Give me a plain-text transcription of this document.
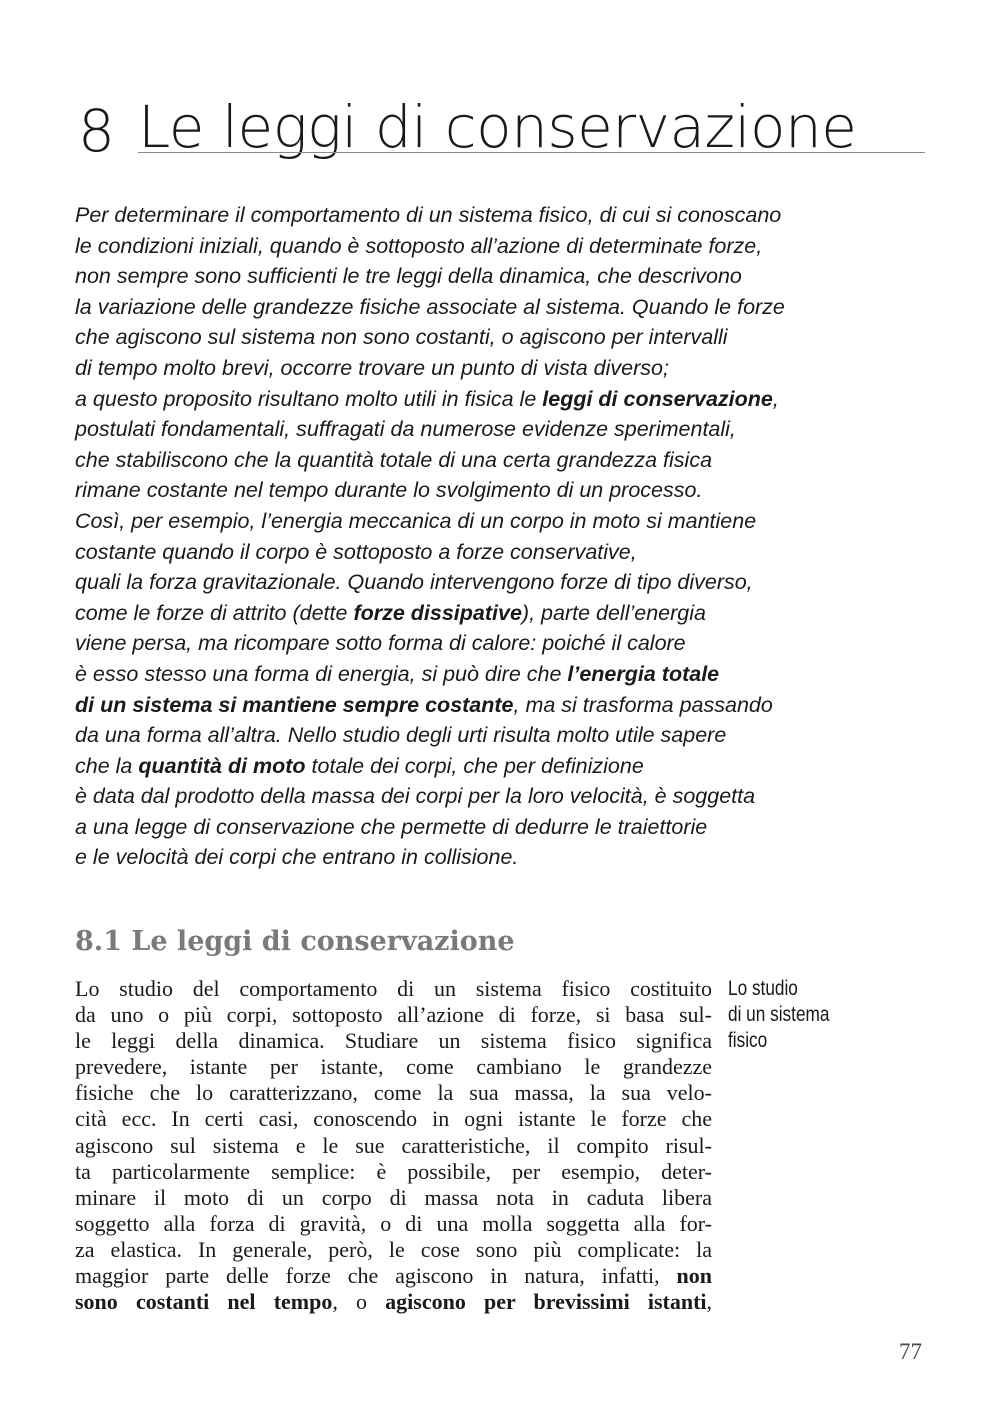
8 Le leggi di conservazione
Per determinare il comportamento di un sistema fisico, di cui si conoscano
le condizioni iniziali, quando è sottoposto all’azione di determinate forze,
non sempre sono sufficienti le tre leggi della dinamica, che descrivono
la variazione delle grandezze fisiche associate al sistema. Quando le forze
che agiscono sul sistema non sono costanti, o agiscono per intervalli
di tempo molto brevi, occorre trovare un punto di vista diverso;
a questo proposito risultano molto utili in fisica le leggi di conservazione,
postulati fondamentali, suffragati da numerose evidenze sperimentali,
che stabiliscono che la quantità totale di una certa grandezza fisica
rimane costante nel tempo durante lo svolgimento di un processo.
Così, per esempio, l’energia meccanica di un corpo in moto si mantiene
costante quando il corpo è sottoposto a forze conservative,
quali la forza gravitazionale. Quando intervengono forze di tipo diverso,
come le forze di attrito (dette forze dissipative), parte dell’energia
viene persa, ma ricompare sotto forma di calore: poiché il calore
è esso stesso una forma di energia, si può dire che l’energia totale
di un sistema si mantiene sempre costante, ma si trasforma passando
da una forma all’altra. Nello studio degli urti risulta molto utile sapere
che la quantità di moto totale dei corpi, che per definizione
è data dal prodotto della massa dei corpi per la loro velocità, è soggetta
a una legge di conservazione che permette di dedurre le traiettorie
e le velocità dei corpi che entrano in collisione.
8.1 Le leggi di conservazione
Lo studio del comportamento di un sistema fisico costituito
da uno o più corpi, sottoposto all’azione di forze, si basa sul-
le leggi della dinamica. Studiare un sistema fisico significa
prevedere, istante per istante, come cambiano le grandezze
fisiche che lo caratterizzano, come la sua massa, la sua velo-
cità ecc. In certi casi, conoscendo in ogni istante le forze che
agiscono sul sistema e le sue caratteristiche, il compito risul-
ta particolarmente semplice: è possibile, per esempio, deter-
minare il moto di un corpo di massa nota in caduta libera
soggetto alla forza di gravità, o di una molla soggetta alla for-
za elastica. In generale, però, le cose sono più complicate: la
maggior parte delle forze che agiscono in natura, infatti, non
sono costanti nel tempo, o agiscono per brevissimi istanti,
Lo studio
di un sistema
fisico
77
